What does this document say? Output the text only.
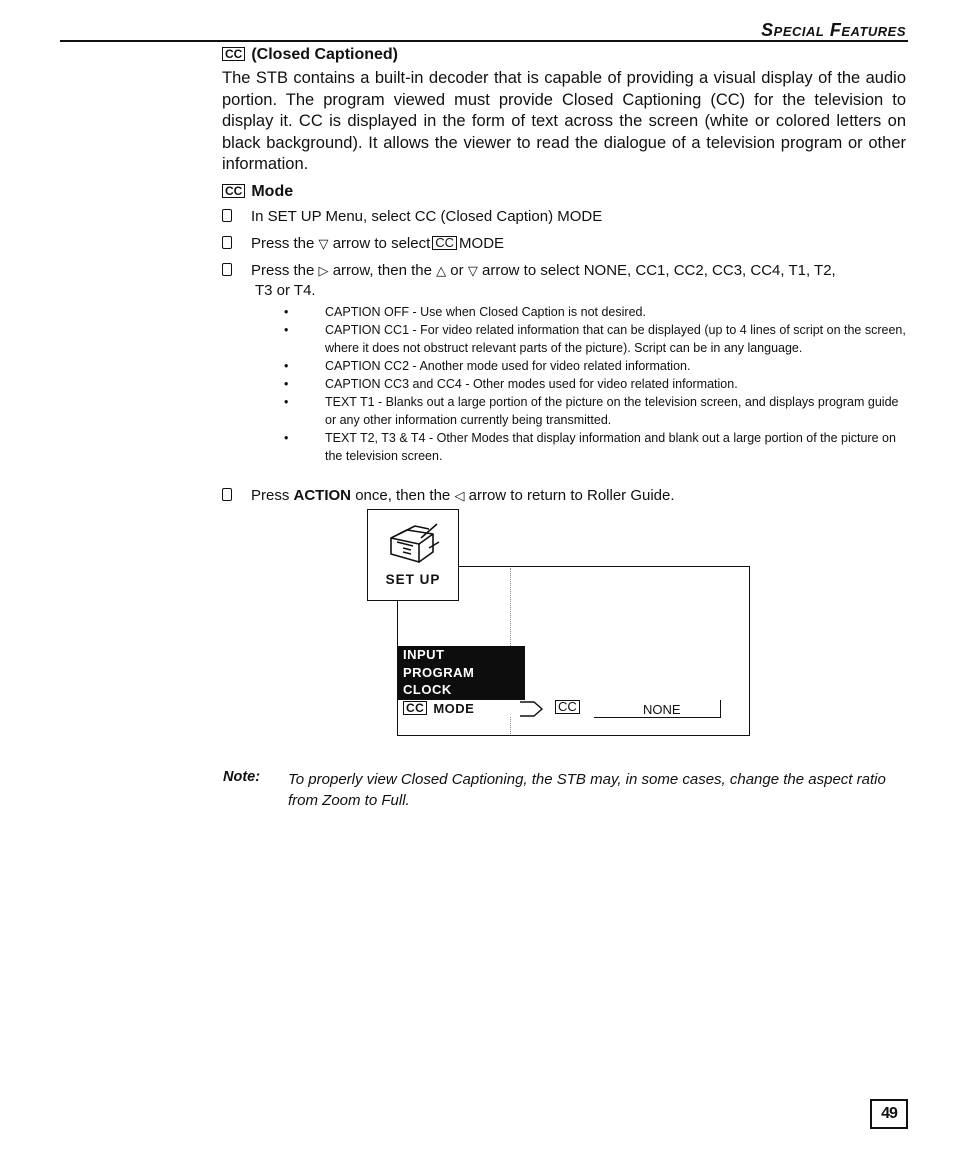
Special Features
CC (Closed Captioned)
The STB contains a built-in decoder that is capable of providing a visual display of the audio portion. The program viewed must provide Closed Captioning (CC) for the television to display it. CC is displayed in the form of text across the screen (white or colored letters on black background). It allows the viewer to read the dialogue of a television program or other information.
CC Mode
In SET UP Menu, select CC (Closed Caption) MODE
Press the ▽ arrow to select CC MODE
Press the ▷ arrow, then the △ or ▽ arrow to select NONE, CC1, CC2, CC3, CC4, T1, T2,
T3 or T4.
• CAPTION OFF - Use when Closed Caption is not desired.
• CAPTION CC1 - For video related information that can be displayed (up to 4 lines of script on the screen, where it does not obstruct relevant parts of the picture). Script can be in any language.
• CAPTION CC2 - Another mode used for video related information.
• CAPTION CC3 and CC4 - Other modes used for video related information.
• TEXT T1 - Blanks out a large portion of the picture on the television screen, and displays program guide or any other information currently being transmitted.
• TEXT T2, T3 & T4 - Other Modes that display information and blank out a large portion of the picture on the television screen.
Press ACTION once, then the ◁ arrow to return to Roller Guide.
SET UP
INPUT
PROGRAM
CLOCK
CC MODE	CC	NONE
Note: To properly view Closed Captioning, the STB may, in some cases, change the aspect ratio from Zoom to Full.
49
